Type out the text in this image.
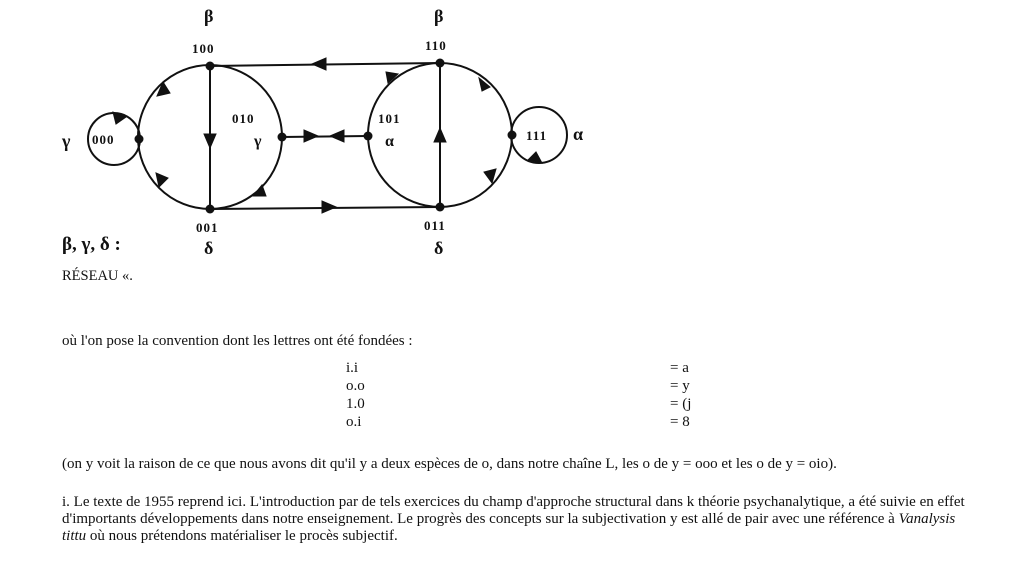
β
100
β
110
γ 000
010
γ
101
α	111 α
001
δ
011
δ
β, γ, δ :
RÉSEAU «.
où l'on pose la convention dont les lettres ont été fondées :
i.i	= a
o.o	= y
1.0	= (j
o.i	= 8
(on y voit la raison de ce que nous avons dit qu'il y a deux espèces de o, dans notre chaîne L, les o de y = ooo et les o de y = oio).
i. Le texte de 1955 reprend ici. L'introduction par de tels exercices du champ d'approche structural dans k théorie psychanalytique, a été suivie en effet d'importants développements dans notre enseignement. Le progrès des concepts sur la subjectivation y est allé de pair avec une référence à Vanalysis tittu où nous prétendons matérialiser le procès subjectif.
